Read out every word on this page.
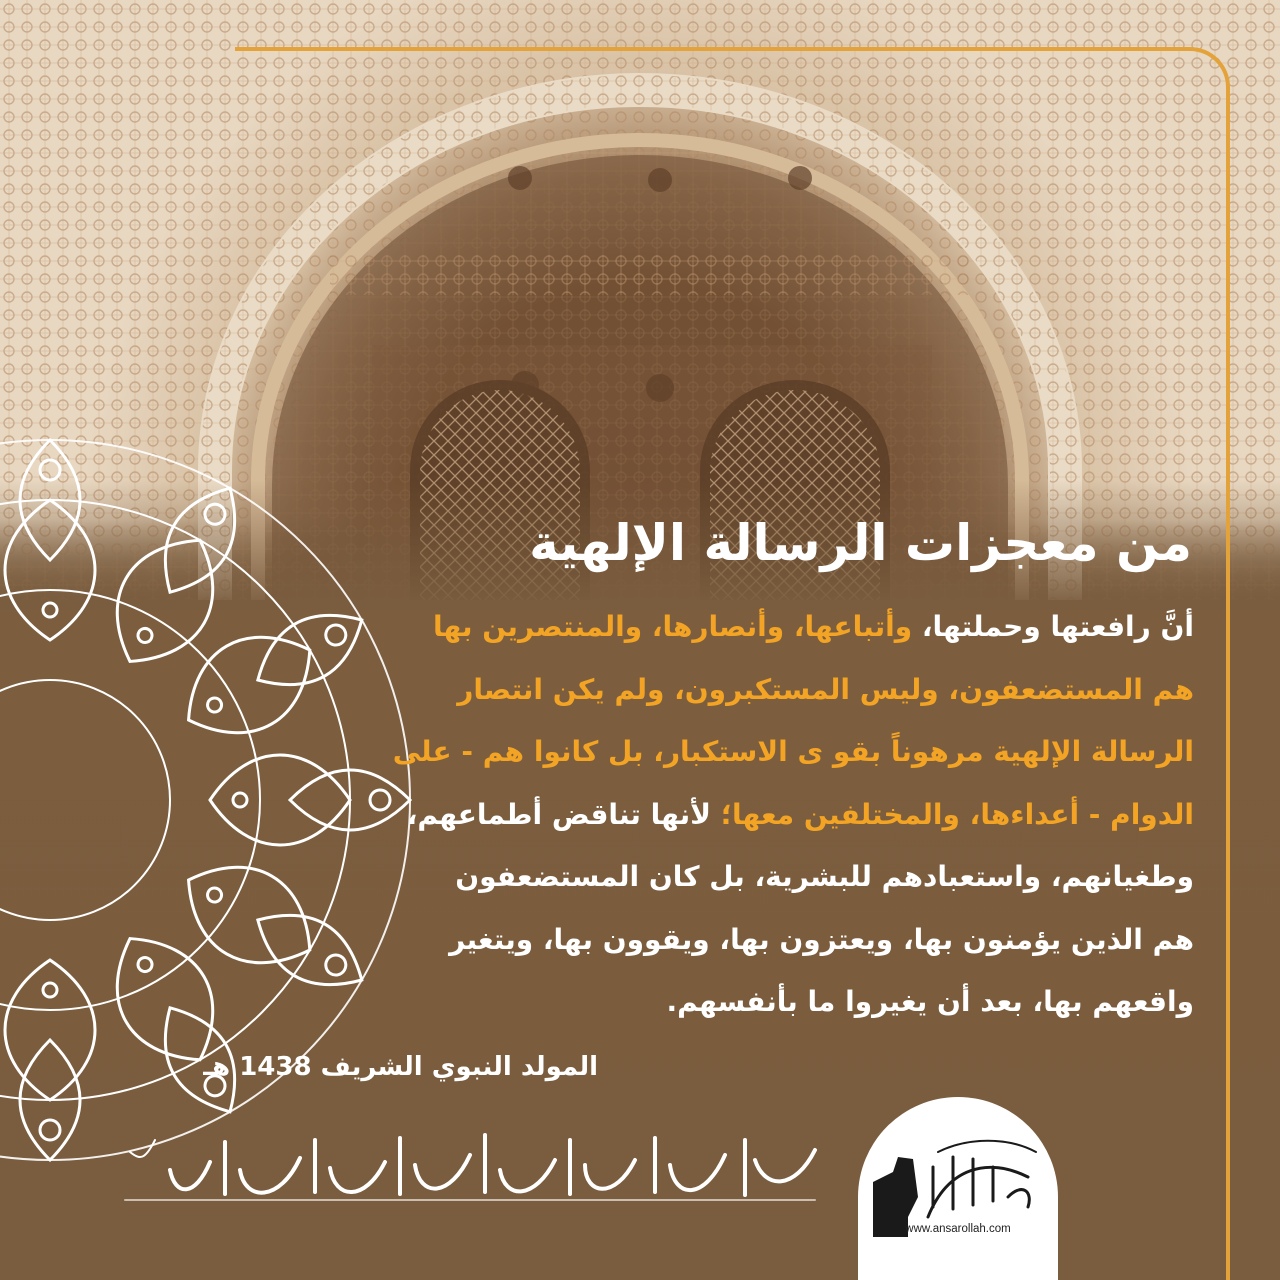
من معجزات الرسالة الإلهية
أنَّ رافعتها وحملتها، وأتباعها، وأنصارها، والمنتصرين بها
هم المستضعفون، وليس المستكبرون، ولم يكن انتصار
الرسالة الإلهية مرهوناً بقو ى الاستكبار، بل كانوا هم - على
الدوام - أعداءها، والمختلفين معها؛ لأنها تناقض أطماعهم،
وطغيانهم، واستعبادهم للبشرية، بل كان المستضعفون
هم الذين يؤمنون بها، ويعتزون بها، ويقوون بها، ويتغير
واقعهم بها، بعد أن يغيروا ما بأنفسهم.
المولد النبوي الشريف 1438 هـ
www.ansarollah.com
